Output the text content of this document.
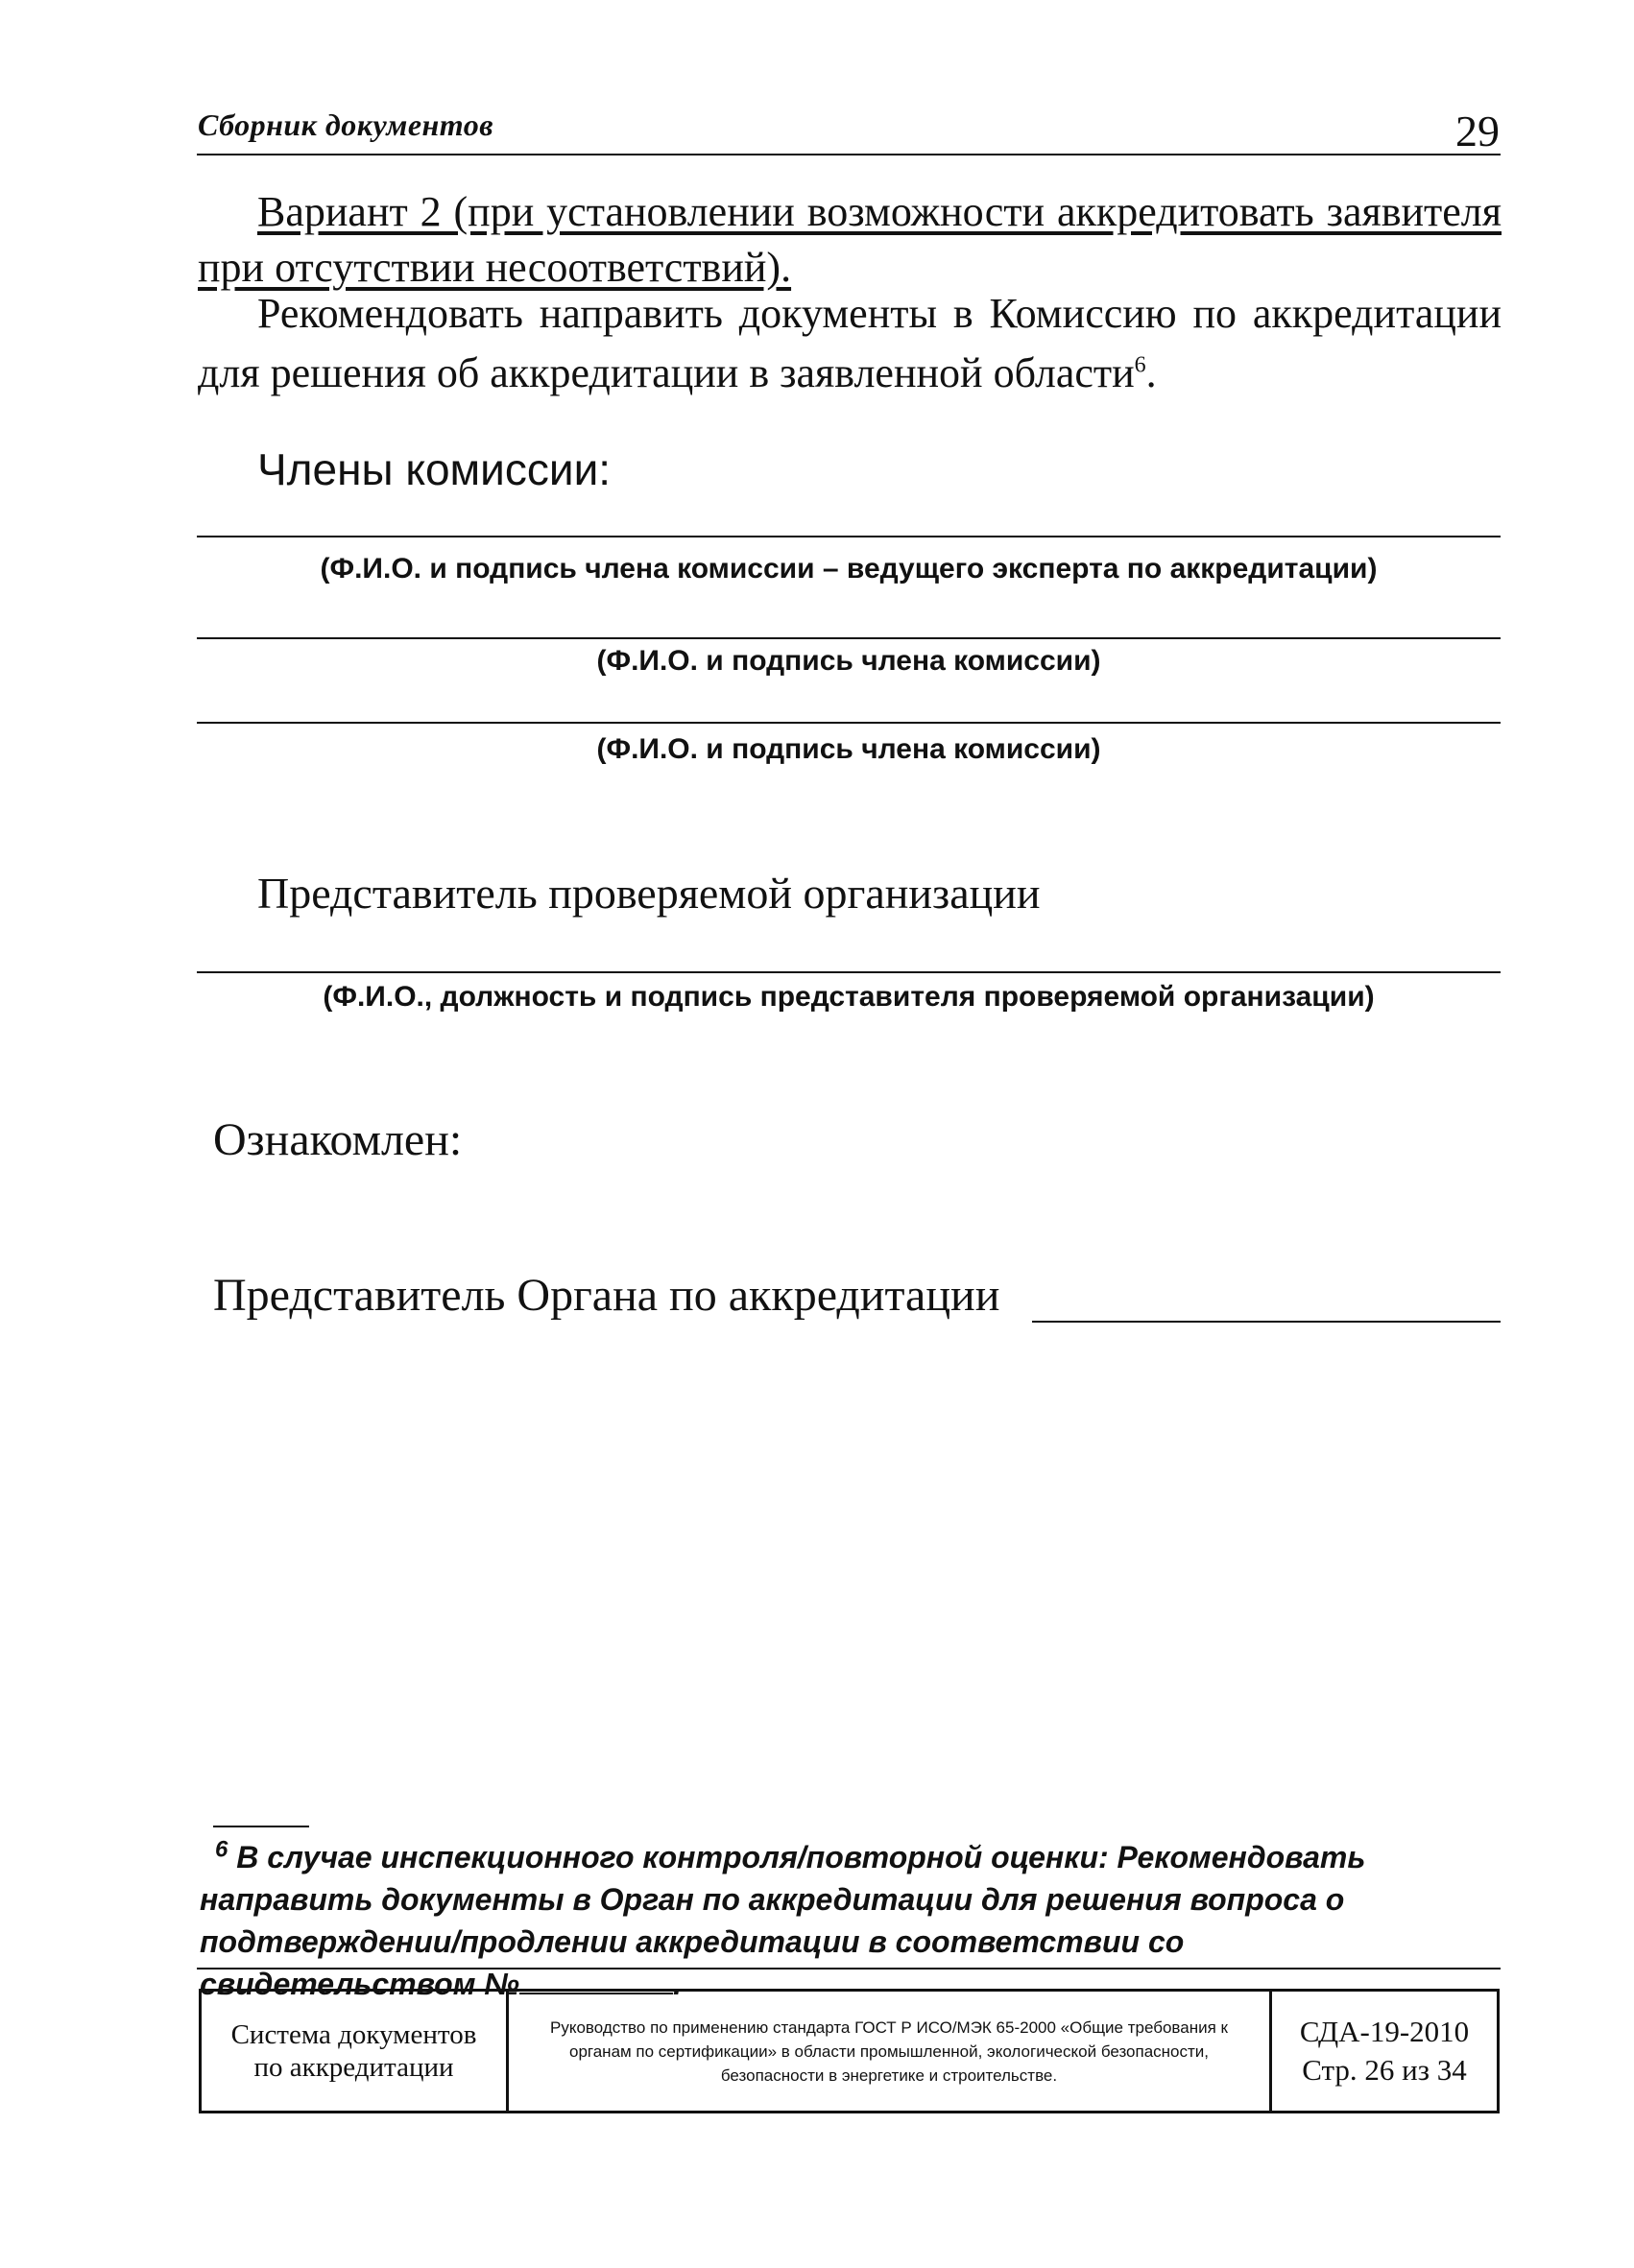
Сборник документов	29
Вариант 2 (при установлении возможности аккредитовать заявителя при отсутствии несоответствий).
Рекомендовать направить документы в Комиссию по аккредитации для решения об аккредитации в заявленной области$^6$.
Члены комиссии:
(Ф.И.О. и подпись члена комиссии – ведущего эксперта по аккредитации)
(Ф.И.О. и подпись члена комиссии)
(Ф.И.О. и подпись члена комиссии)
Представитель проверяемой организации
(Ф.И.О., должность и подпись представителя проверяемой организации)
Ознакомлен:
Представитель Органа по аккредитации
$^6$ В случае инспекционного контроля/повторной оценки: Рекомендовать направить документы в Орган по аккредитации для решения вопроса о подтверждении/продлении аккредитации в соответствии со свидетельством №	.
Система документов
по аккредитации
Руководство по применению стандарта ГОСТ Р ИСО/МЭК 65-2000 «Общие требования к органам по сертификации» в области промышленной, экологической безопасности, безопасности в энергетике и строительстве.
СДА-19-2010
Стр. 26 из 34
